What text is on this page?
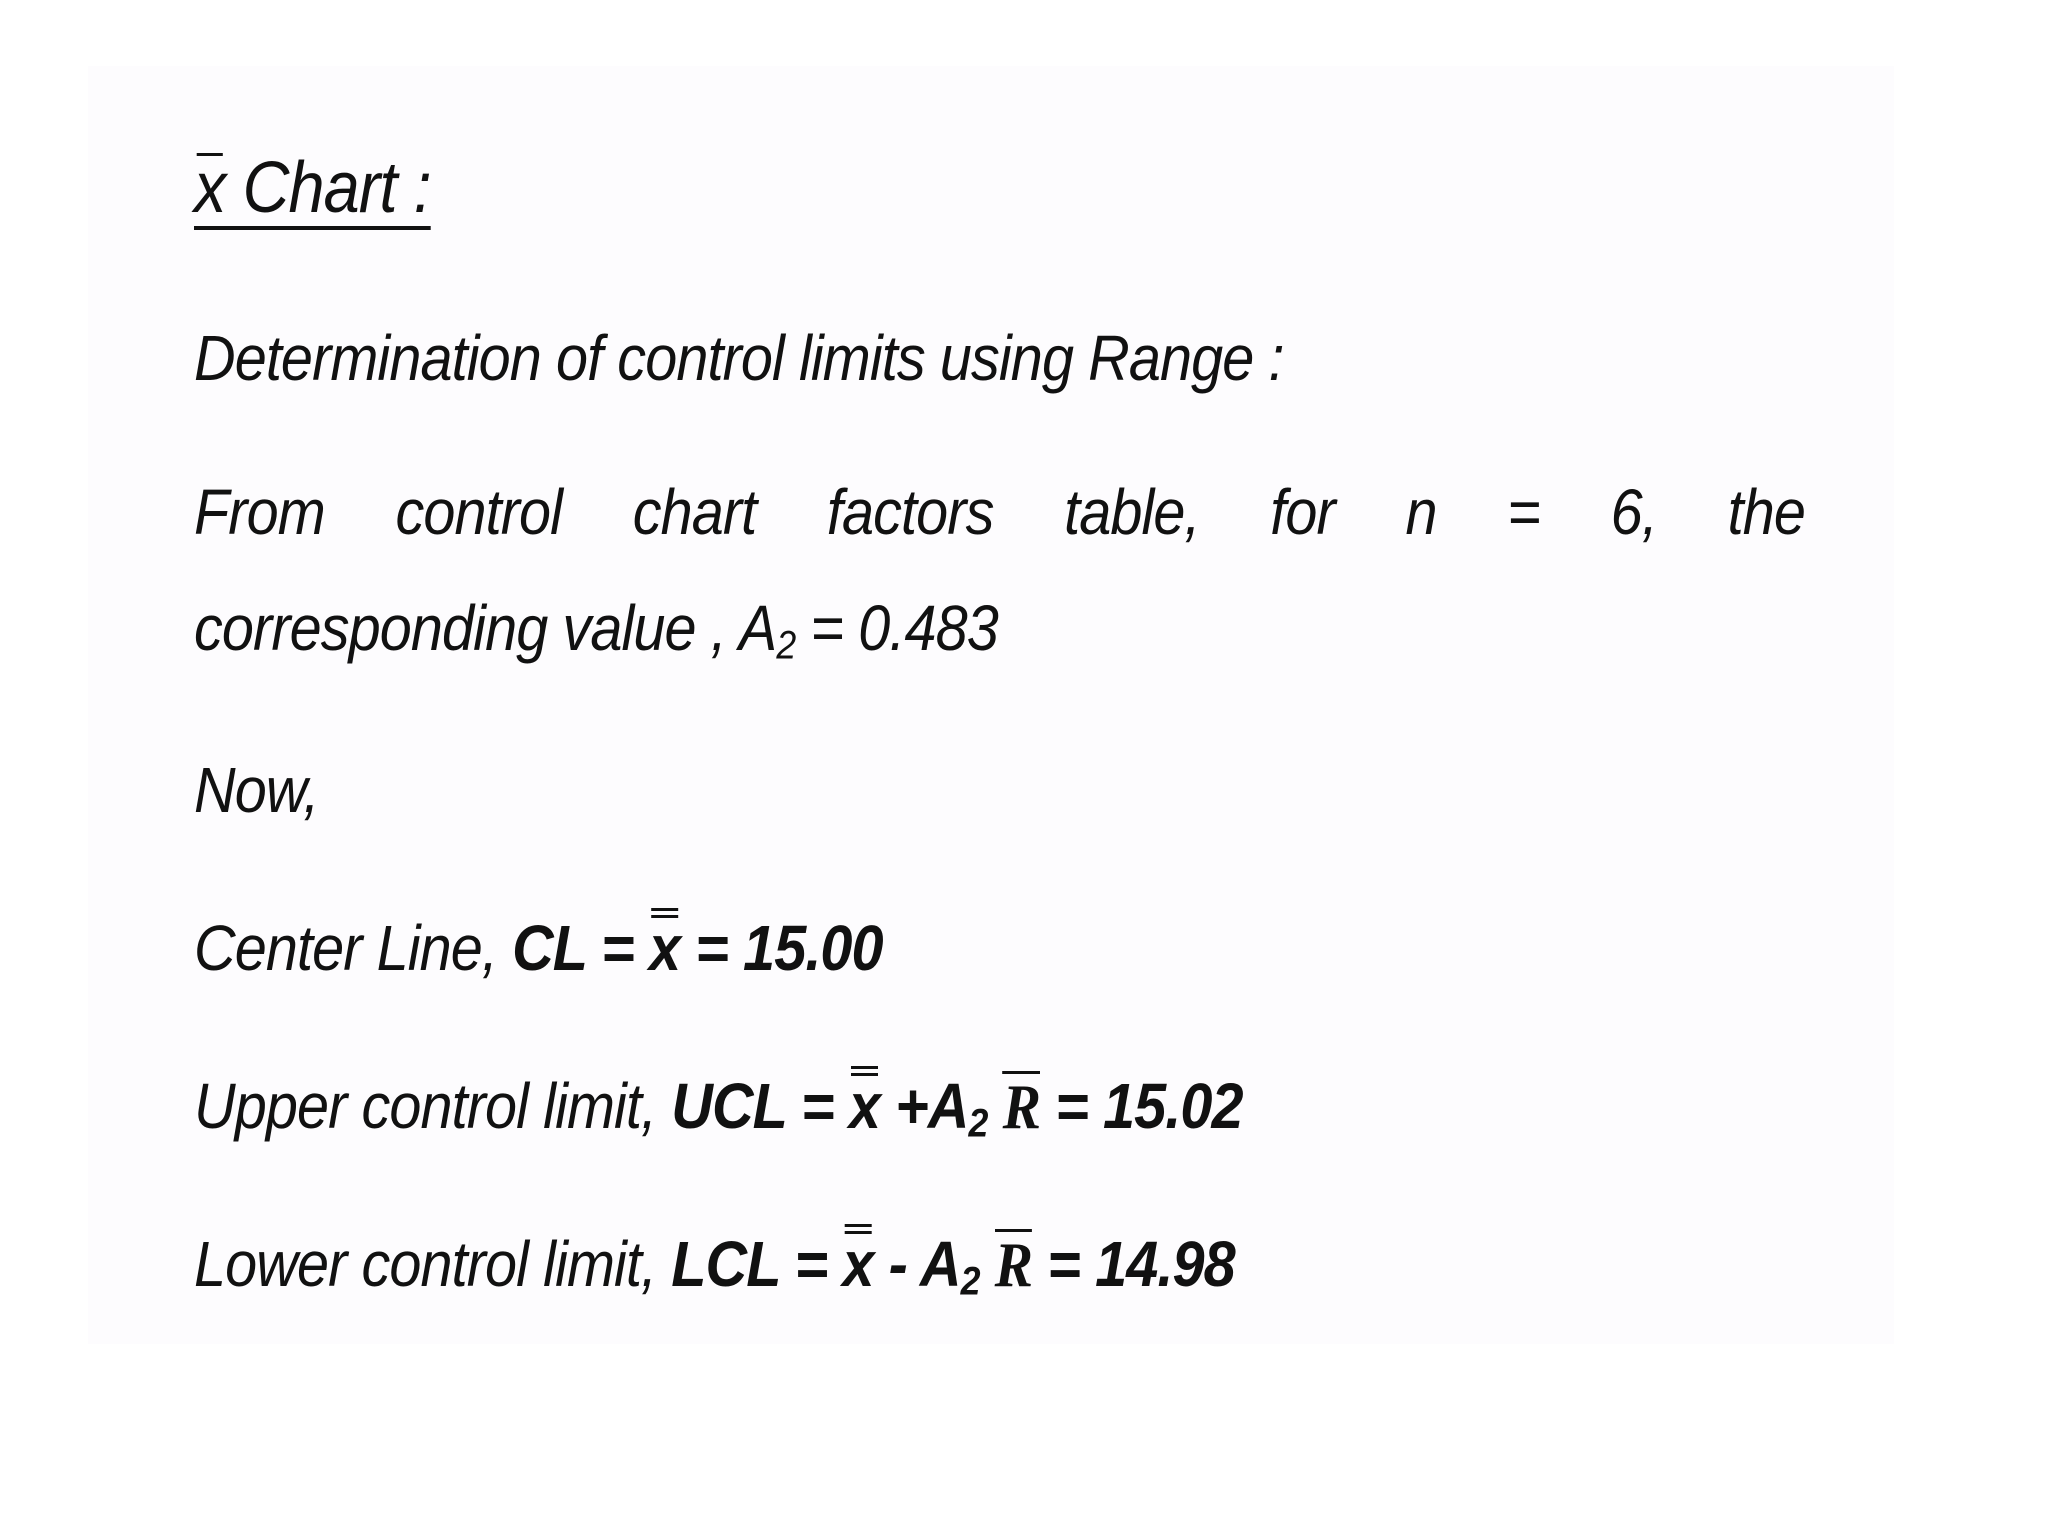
x Chart :
Determination of control limits using Range :
From control chart factors table, for n = 6, the
corresponding value , $A_2 = 0.483$
Now,
Center Line, CL = x = 15.00
Upper control limit, UCL = $x +A_2$ R = 15.02
Lower control limit, LCL = x - $A_2$ R = 14.98
